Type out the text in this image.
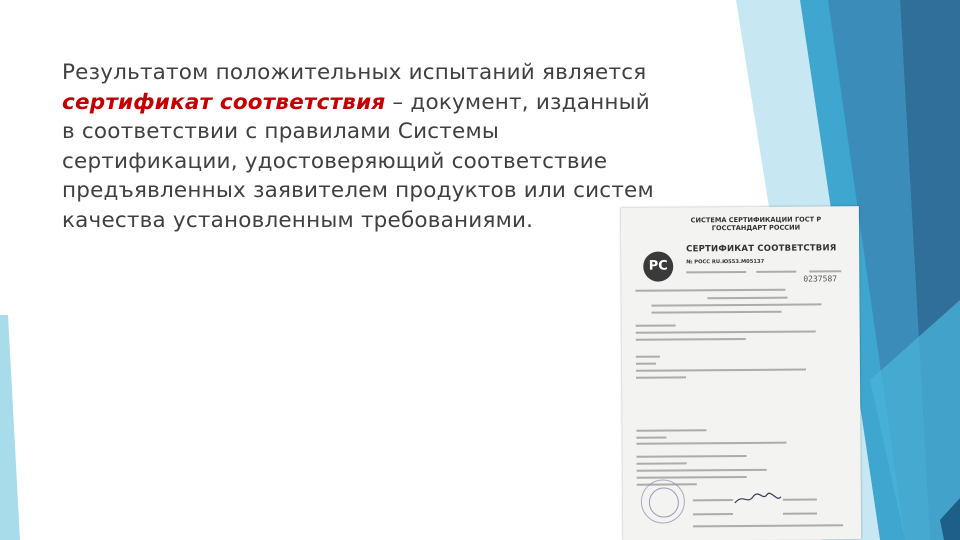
Результатом положительных испытаний является
сертификат соответствия – документ, изданный
в соответствии с правилами Системы
сертификации, удостоверяющий соответствие
предъявленных заявителем продуктов или систем
качества установленным требованиями.	СИСТЕМА СЕРТИФИКАЦИИ ГОСТ Р
ГОССТАНДАРТ РОССИИ
РС
СЕРТИФИКАТ СООТВЕТСТВИЯ
№ РОСС RU.Ю553.М05137
0237587
